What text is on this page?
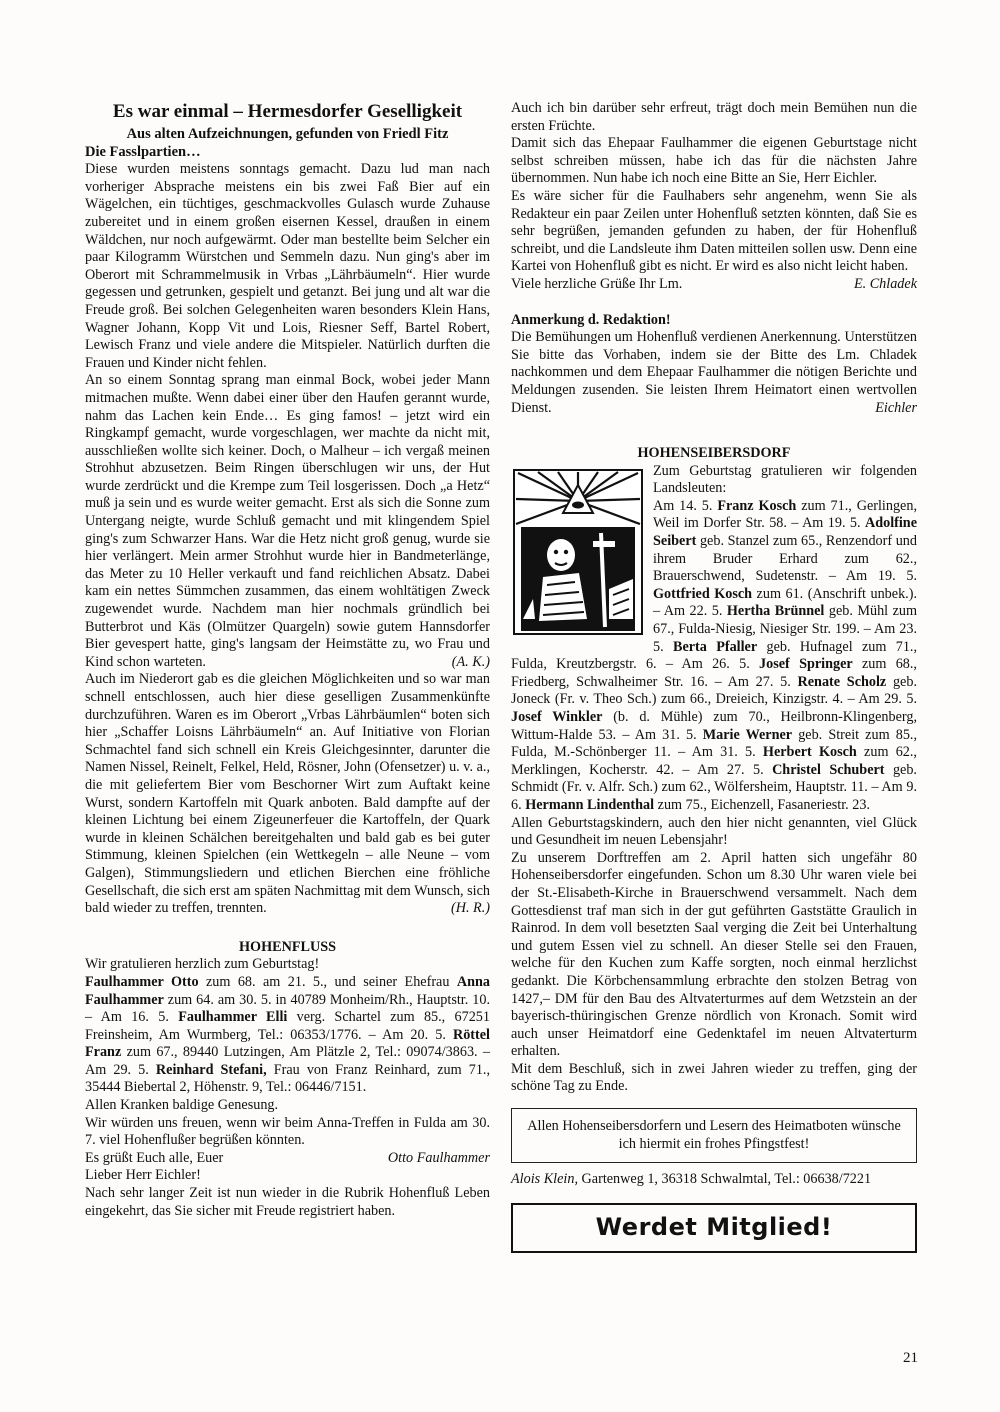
Es war einmal – Hermesdorfer Geselligkeit

Aus alten Aufzeichnungen, gefunden von Friedl Fitz

Die Fasslpartien…

Diese wurden meistens sonntags gemacht. Dazu lud man nach vorheriger Absprache meistens ein bis zwei Faß Bier auf ein Wägelchen, ein tüchtiges, geschmackvolles Gulasch wurde Zuhause zubereitet und in einem großen eisernen Kessel, draußen in einem Wäldchen, nur noch aufgewärmt. Oder man bestellte beim Selcher ein paar Kilogramm Würstchen und Semmeln dazu. Nun ging's aber im Oberort mit Schrammelmusik in Vrbas „Lährbäumeln“. Hier wurde gegessen und getrunken, gespielt und getanzt. Bei jung und alt war die Freude groß. Bei solchen Gelegenheiten waren besonders Klein Hans, Wagner Johann, Kopp Vit und Lois, Riesner Seff, Bartel Robert, Lewisch Franz und viele andere die Mitspieler. Natürlich durften die Frauen und Kinder nicht fehlen.

An so einem Sonntag sprang man einmal Bock, wobei jeder Mann mitmachen mußte. Wenn dabei einer über den Haufen gerannt wurde, nahm das Lachen kein Ende… Es ging famos! – jetzt wird ein Ringkampf gemacht, wurde vorgeschlagen, wer machte da nicht mit, ausschließen wollte sich keiner. Doch, o Malheur – ich vergaß meinen Strohhut abzusetzen. Beim Ringen überschlugen wir uns, der Hut wurde zerdrückt und die Krempe zum Teil losgerissen. Doch „a Hetz“ muß ja sein und es wurde weiter gemacht. Erst als sich die Sonne zum Untergang neigte, wurde Schluß gemacht und mit klingendem Spiel ging's zum Schwarzer Hans. War die Hetz nicht groß genug, wurde sie hier verlängert. Mein armer Strohhut wurde hier in Bandmeterlänge, das Meter zu 10 Heller verkauft und fand reichlichen Absatz. Dabei kam ein nettes Sümmchen zusammen, das einem wohltätigen Zweck zugewendet wurde. Nachdem man hier nochmals gründlich bei Butterbrot und Käs (Olmützer Quargeln) sowie gutem Hannsdorfer Bier gevespert hatte, ging's langsam der Heimstätte zu, wo Frau und Kind schon warteten.	(A. K.)

Auch im Niederort gab es die gleichen Möglichkeiten und so war man schnell entschlossen, auch hier diese geselligen Zusammenkünfte durchzuführen. Waren es im Oberort „Vrbas Lährbäumlen“ boten sich hier „Schaffer Loisns Lährbäumeln“ an. Auf Initiative von Florian Schmachtel fand sich schnell ein Kreis Gleichgesinnter, darunter die Namen Nissel, Reinelt, Felkel, Held, Rösner, John (Ofensetzer) u. v. a., die mit geliefertem Bier vom Beschorner Wirt zum Auftakt keine Wurst, sondern Kartoffeln mit Quark anboten. Bald dampfte auf der kleinen Lichtung bei einem Zigeunerfeuer die Kartoffeln, der Quark wurde in kleinen Schälchen bereitgehalten und bald gab es bei guter Stimmung, kleinen Spielchen (ein Wettkegeln – alle Neune – vom Galgen), Stimmungsliedern und etlichen Bierchen eine fröhliche Gesellschaft, die sich erst am späten Nachmittag mit dem Wunsch, sich bald wieder zu treffen, trennten.	(H. R.)

HOHENFLUSS

Wir gratulieren herzlich zum Geburtstag!

Faulhammer Otto zum 68. am 21. 5., und seiner Ehefrau Anna Faulhammer zum 64. am 30. 5. in 40789 Monheim/Rh., Hauptstr. 10. – Am 16. 5. Faulhammer Elli verg. Schartel zum 85., 67251 Freinsheim, Am Wurmberg, Tel.: 06353/1776. – Am 20. 5. Röttel Franz zum 67., 89440 Lutzingen, Am Plätzle 2, Tel.: 09074/3863. – Am 29. 5. Reinhard Stefani, Frau von Franz Reinhard, zum 71., 35444 Biebertal 2, Höhenstr. 9, Tel.: 06446/7151.

Allen Kranken baldige Genesung.

Wir würden uns freuen, wenn wir beim Anna-Treffen in Fulda am 30. 7. viel Hohenflußer begrüßen könnten.

Es grüßt Euch alle, Euer	Otto Faulhammer

Lieber Herr Eichler!

Nach sehr langer Zeit ist nun wieder in die Rubrik Hohenfluß Leben eingekehrt, das Sie sicher mit Freude registriert haben.

Auch ich bin darüber sehr erfreut, trägt doch mein Bemühen nun die ersten Früchte.

Damit sich das Ehepaar Faulhammer die eigenen Geburtstage nicht selbst schreiben müssen, habe ich das für die nächsten Jahre übernommen. Nun habe ich noch eine Bitte an Sie, Herr Eichler.

Es wäre sicher für die Faulhabers sehr angenehm, wenn Sie als Redakteur ein paar Zeilen unter Hohenfluß setzten könnten, daß Sie es sehr begrüßen, jemanden gefunden zu haben, der für Hohenfluß schreibt, und die Landsleute ihm Daten mitteilen sollen usw. Denn eine Kartei von Hohenfluß gibt es nicht. Er wird es also nicht leicht haben.

Viele herzliche Grüße Ihr Lm.	E. Chladek

Anmerkung d. Redaktion!

Die Bemühungen um Hohenfluß verdienen Anerkennung. Unterstützen Sie bitte das Vorhaben, indem sie der Bitte des Lm. Chladek nachkommen und dem Ehepaar Faulhammer die nötigen Berichte und Meldungen zusenden. Sie leisten Ihrem Heimatort einen wertvollen Dienst.	Eichler

HOHENSEIBERSDORF

Zum Geburtstag gratulieren wir folgenden Landsleuten:

Am 14. 5. Franz Kosch zum 71., Gerlingen, Weil im Dorfer Str. 58. – Am 19. 5. Adolfine Seibert geb. Stanzel zum 65., Renzendorf und ihrem Bruder Erhard zum 62., Brauerschwend, Sudetenstr. – Am 19. 5. Gottfried Kosch zum 61. (Anschrift unbek.). – Am 22. 5. Hertha Brünnel geb. Mühl zum 67., Fulda-Niesig, Niesiger Str. 199. – Am 23. 5. Berta Pfaller geb. Hufnagel zum 71., Fulda, Kreutzbergstr. 6. – Am 26. 5. Josef Springer zum 68., Friedberg, Schwalheimer Str. 16. – Am 27. 5. Renate Scholz geb. Joneck (Fr. v. Theo Sch.) zum 66., Dreieich, Kinzigstr. 4. – Am 29. 5. Josef Winkler (b. d. Mühle) zum 70., Heilbronn-Klingenberg, Wittum-Halde 53. – Am 31. 5. Marie Werner geb. Streit zum 85., Fulda, M.-Schönberger 11. – Am 31. 5. Herbert Kosch zum 62., Merklingen, Kocherstr. 42. – Am 27. 5. Christel Schubert geb. Schmidt (Fr. v. Alfr. Sch.) zum 62., Wölfersheim, Hauptstr. 11. – Am 9. 6. Hermann Lindenthal zum 75., Eichenzell, Fasaneriestr. 23.

Allen Geburtstagskindern, auch den hier nicht genannten, viel Glück und Gesundheit im neuen Lebensjahr!

Zu unserem Dorftreffen am 2. April hatten sich ungefähr 80 Hohenseibersdorfer eingefunden. Schon um 8.30 Uhr waren viele bei der St.-Elisabeth-Kirche in Brauerschwend versammelt. Nach dem Gottesdienst traf man sich in der gut geführten Gaststätte Graulich in Rainrod. In dem voll besetzten Saal verging die Zeit bei Unterhaltung und gutem Essen viel zu schnell. An dieser Stelle sei den Frauen, welche für den Kuchen zum Kaffe sorgten, noch einmal herzlichst gedankt. Die Körbchensammlung erbrachte den stolzen Betrag von 1427,– DM für den Bau des Altvaterturmes auf dem Wetzstein an der bayerisch-thüringischen Grenze nördlich von Kronach. Somit wird auch unser Heimatdorf eine Gedenktafel im neuen Altvaterturm erhalten.

Mit dem Beschluß, sich in zwei Jahren wieder zu treffen, ging der schöne Tag zu Ende.

Allen Hohenseibersdorfern und Lesern des Heimatboten wünsche ich hiermit ein frohes Pfingstfest!

Alois Klein, Gartenweg 1, 36318 Schwalmtal, Tel.: 06638/7221

Werdet Mitglied!
21
